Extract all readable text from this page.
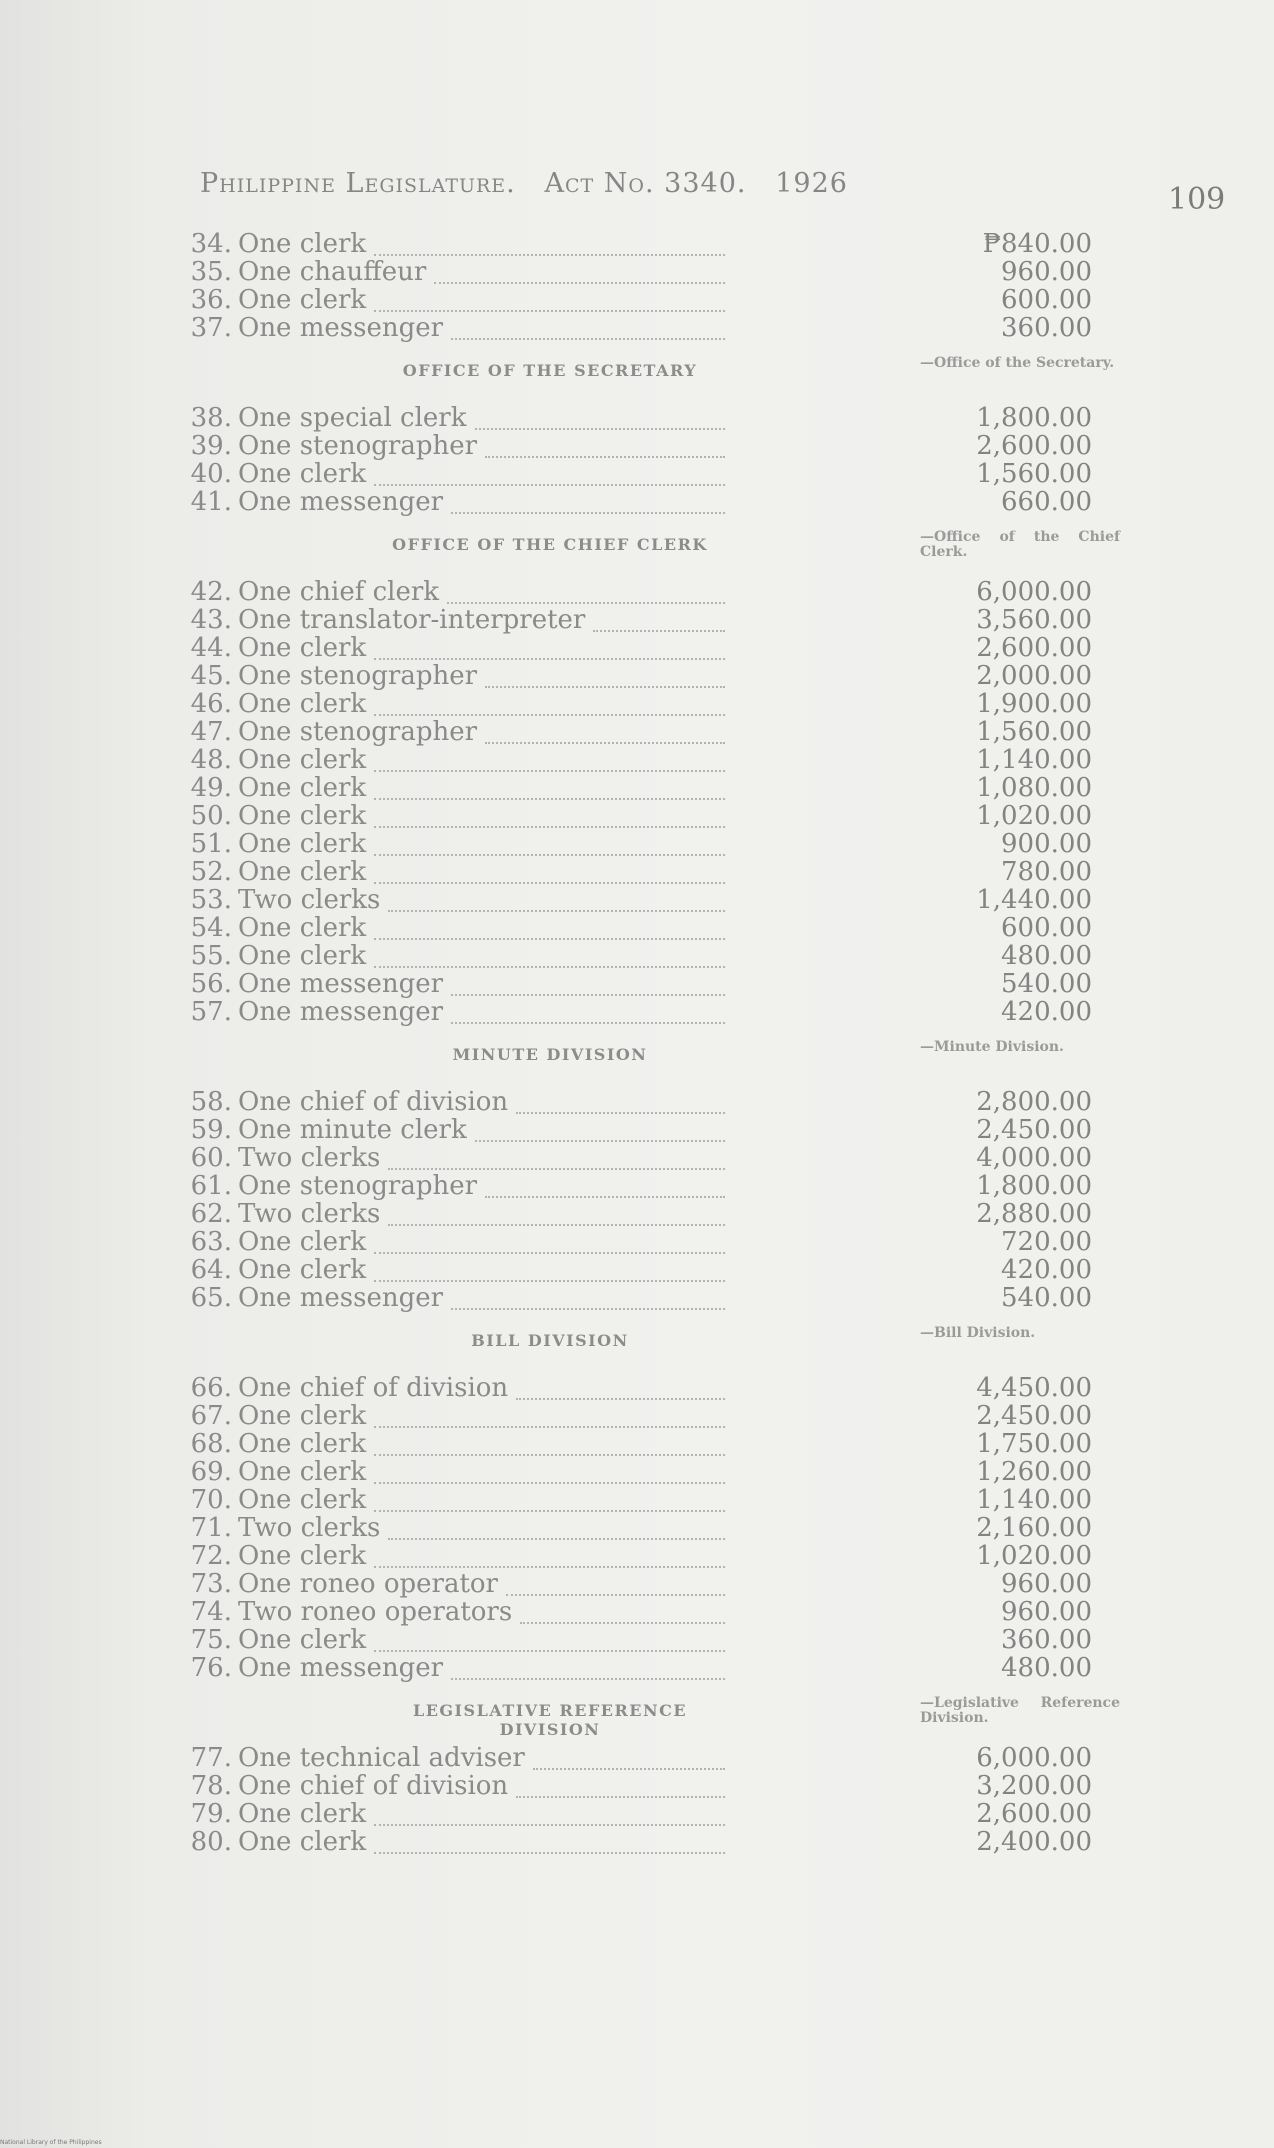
Philippine Legislature. Act No. 3340. 1926	109
34. One clerk	₱840.00
35. One chauffeur	960.00
36. One clerk	600.00
37. One messenger	360.00
OFFICE OF THE SECRETARY	—Office of the Secretary.
38. One special clerk	1,800.00
39. One stenographer	2,600.00
40. One clerk	1,560.00
41. One messenger	660.00
OFFICE OF THE CHIEF CLERK	—Office of the Chief Clerk.
42. One chief clerk	6,000.00
43. One translator-interpreter	3,560.00
44. One clerk	2,600.00
45. One stenographer	2,000.00
46. One clerk	1,900.00
47. One stenographer	1,560.00
48. One clerk	1,140.00
49. One clerk	1,080.00
50. One clerk	1,020.00
51. One clerk	900.00
52. One clerk	780.00
53. Two clerks	1,440.00
54. One clerk	600.00
55. One clerk	480.00
56. One messenger	540.00
57. One messenger	420.00
MINUTE DIVISION	—Minute Division.
58. One chief of division	2,800.00
59. One minute clerk	2,450.00
60. Two clerks	4,000.00
61. One stenographer	1,800.00
62. Two clerks	2,880.00
63. One clerk	720.00
64. One clerk	420.00
65. One messenger	540.00
BILL DIVISION	—Bill Division.
66. One chief of division	4,450.00
67. One clerk	2,450.00
68. One clerk	1,750.00
69. One clerk	1,260.00
70. One clerk	1,140.00
71. Two clerks	2,160.00
72. One clerk	1,020.00
73. One roneo operator	960.00
74. Two roneo operators	960.00
75. One clerk	360.00
76. One messenger	480.00
LEGISLATIVE REFERENCE DIVISION
—Legislative Reference Division.
77. One technical adviser	6,000.00
78. One chief of division	3,200.00
79. One clerk	2,600.00
80. One clerk	2,400.00
National Library of the Philippines
